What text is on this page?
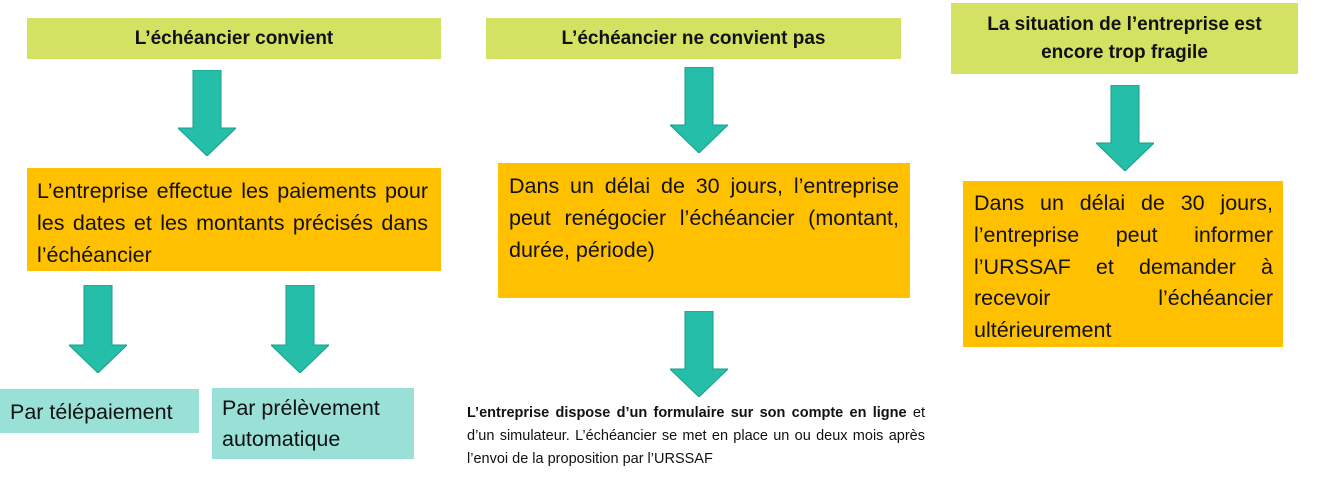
L’échéancier convient
L’entreprise effectue les paiements pour les dates et les montants précisés dans l’échéancier
Par télépaiement	Par prélèvement automatique
L’échéancier ne convient pas
Dans un délai de 30 jours, l’entreprise peut renégocier l’échéancier (montant, durée, période)
L’entreprise dispose d’un formulaire sur son compte en ligne et d’un simulateur. L’échéancier se met en place un ou deux mois après l’envoi de la proposition par l’URSSAF
La situation de l’entreprise est encore trop fragile
Dans un délai de 30 jours, l’entreprise peut informer l’URSSAF et demander à recevoir l’échéancier ultérieurement
